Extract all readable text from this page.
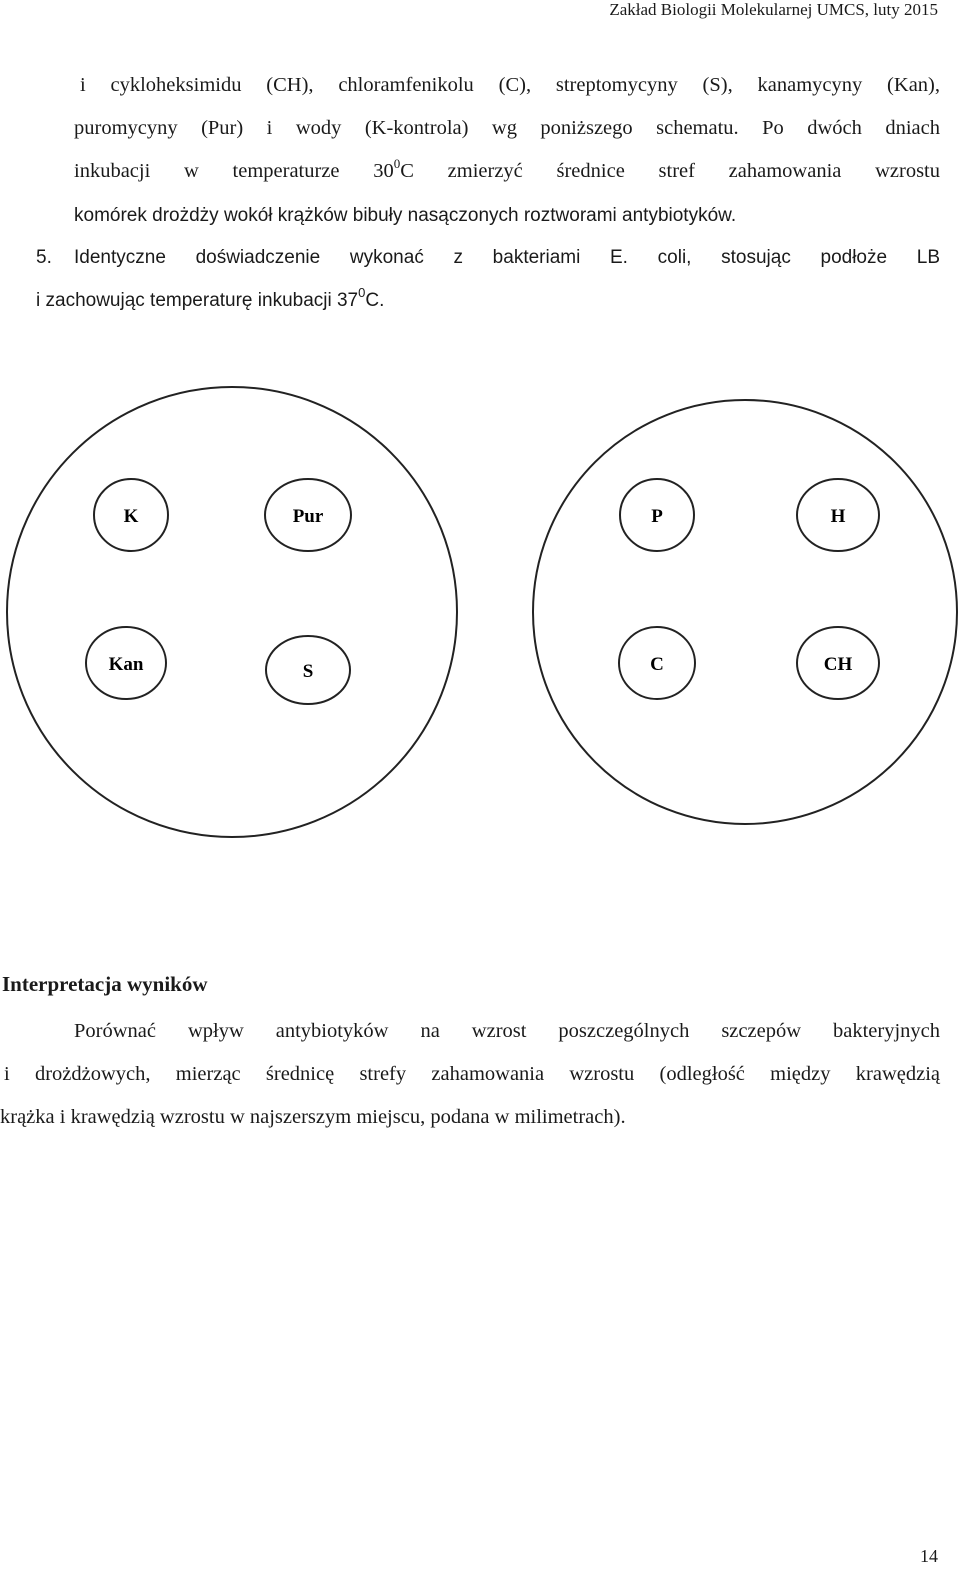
Zakład Biologii Molekularnej UMCS, luty 2015

i cykloheksimidu (CH), chloramfenikolu (C), streptomycyny (S), kanamycyny (Kan),

puromycyny (Pur) i wody (K-kontrola) wg poniższego schematu. Po dwóch dniach

inkubacji w temperaturze $30^0C$ zmierzyć średnice stref zahamowania wzrostu

komórek drożdży wokół krążków bibuły nasączonych roztworami antybiotyków.

5. Identyczne doświadczenie wykonać z bakteriami E. coli, stosując podłoże LB

i zachowując temperaturę inkubacji $37^0C$.

K	Pur
Kan	S
P	H
C	CH
Interpretacja wyników

Porównać wpływ antybiotyków na wzrost poszczególnych szczepów bakteryjnych

i drożdżowych, mierząc średnicę strefy zahamowania wzrostu (odległość między krawędzią

krążka i krawędzią wzrostu w najszerszym miejscu, podana w milimetrach).

14
